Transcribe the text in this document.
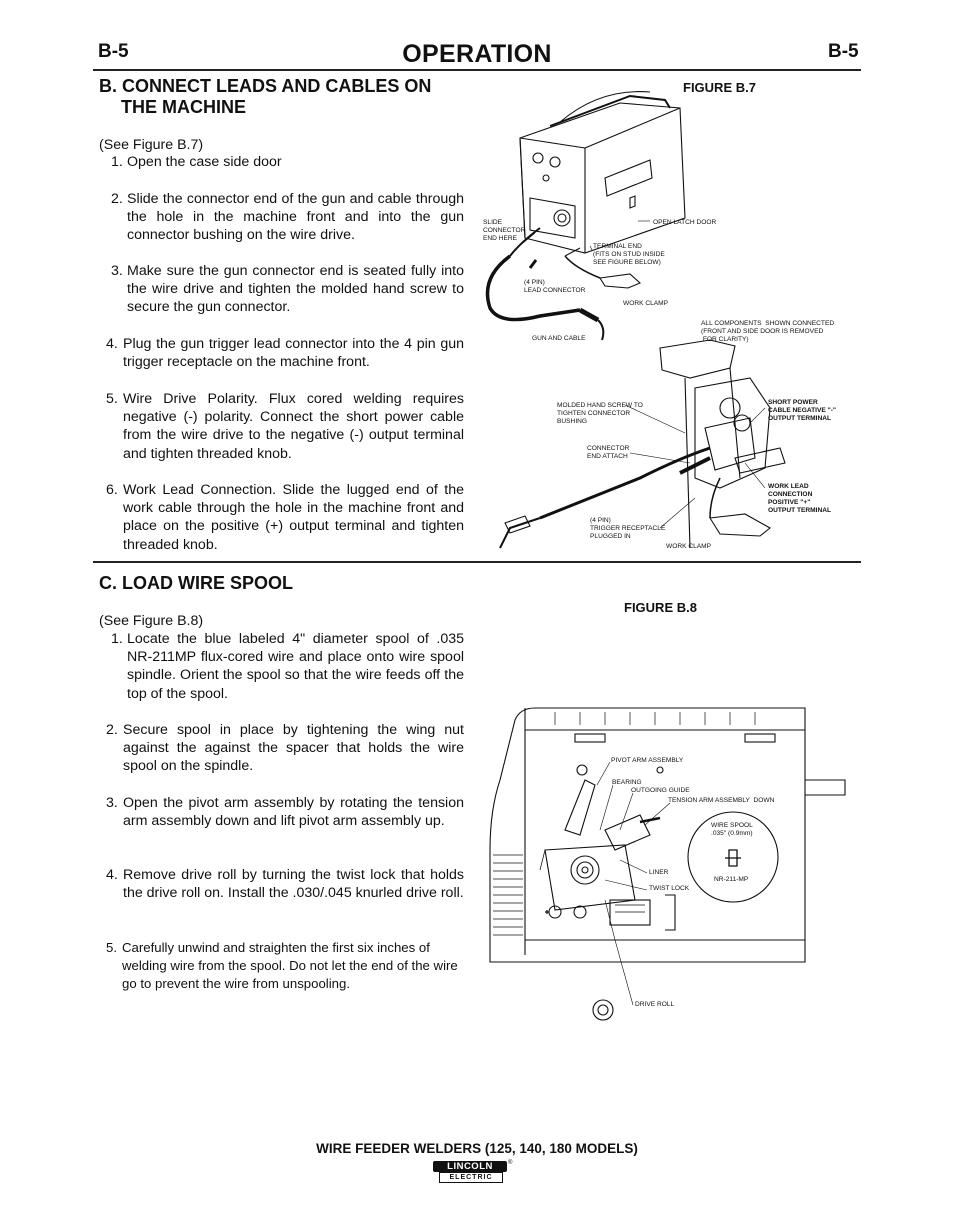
B-5	OPERATION	B-5
B. CONNECT LEADS AND CABLES ON
THE MACHINE
(See Figure B.7)
1. Open the case side door
2. Slide the connector end of the gun and cable through the hole in the machine front and into the gun connector bushing on the wire drive.
3. Make sure the gun connector end is seated fully into the wire drive and tighten the molded hand screw to secure the gun connector.
4. Plug the gun trigger lead connector into the 4 pin gun trigger receptacle on the machine front.
5. Wire Drive Polarity. Flux cored welding requires negative (-) polarity. Connect the short power cable from the wire drive to the negative (-) output terminal and tighten threaded knob.
6. Work Lead Connection. Slide the lugged end of the work cable through the hole in the machine front and place on the positive (+) output terminal and tighten threaded knob.
FIGURE B.7
SLIDE
CONNECTOR
END HERE
OPEN LATCH DOOR
TERMINAL END
(FITS ON STUD INSIDE
SEE FIGURE BELOW)
(4 PIN)
LEAD CONNECTOR
WORK CLAMP
GUN AND CABLE
ALL COMPONENTS  SHOWN CONNECTED
(FRONT AND SIDE DOOR IS REMOVED
FOR CLARITY)
MOLDED HAND SCREW TO
TIGHTEN CONNECTOR
BUSHING
SHORT POWER
CABLE NEGATIVE "-"
OUTPUT TERMINAL
CONNECTOR
END ATTACH
WORK LEAD
CONNECTION
POSITIVE "+"
OUTPUT TERMINAL
(4 PIN)
TRIGGER RECEPTACLE
PLUGGED IN
WORK CLAMP
C. LOAD WIRE SPOOL
(See Figure B.8)
1. Locate the blue labeled 4" diameter spool of .035 NR-211MP flux-cored wire and place onto wire spool spindle. Orient the spool so that the wire feeds off the top of the spool.
2. Secure spool in place by tightening the wing nut against the against the spacer that holds the wire spool on the spindle.
3. Open the pivot arm assembly by rotating the tension arm assembly down and lift pivot arm assembly up.
4. Remove drive roll by turning the twist lock that holds the drive roll on. Install the .030/.045 knurled drive roll.
5. Carefully unwind and straighten the first six inches of welding wire from the spool. Do not let the end of the wire go to prevent the wire from unspooling.
FIGURE B.8
PIVOT ARM ASSEMBLY
BEARING
OUTGOING GUIDE
TENSION ARM ASSEMBLY  DOWN
WIRE SPOOL
.035" (0.9mm)
LINER
NR-211-MP
TWIST LOCK
DRIVE ROLL
WIRE FEEDER WELDERS (125, 140, 180 MODELS)
LINCOLN
ELECTRIC
®
